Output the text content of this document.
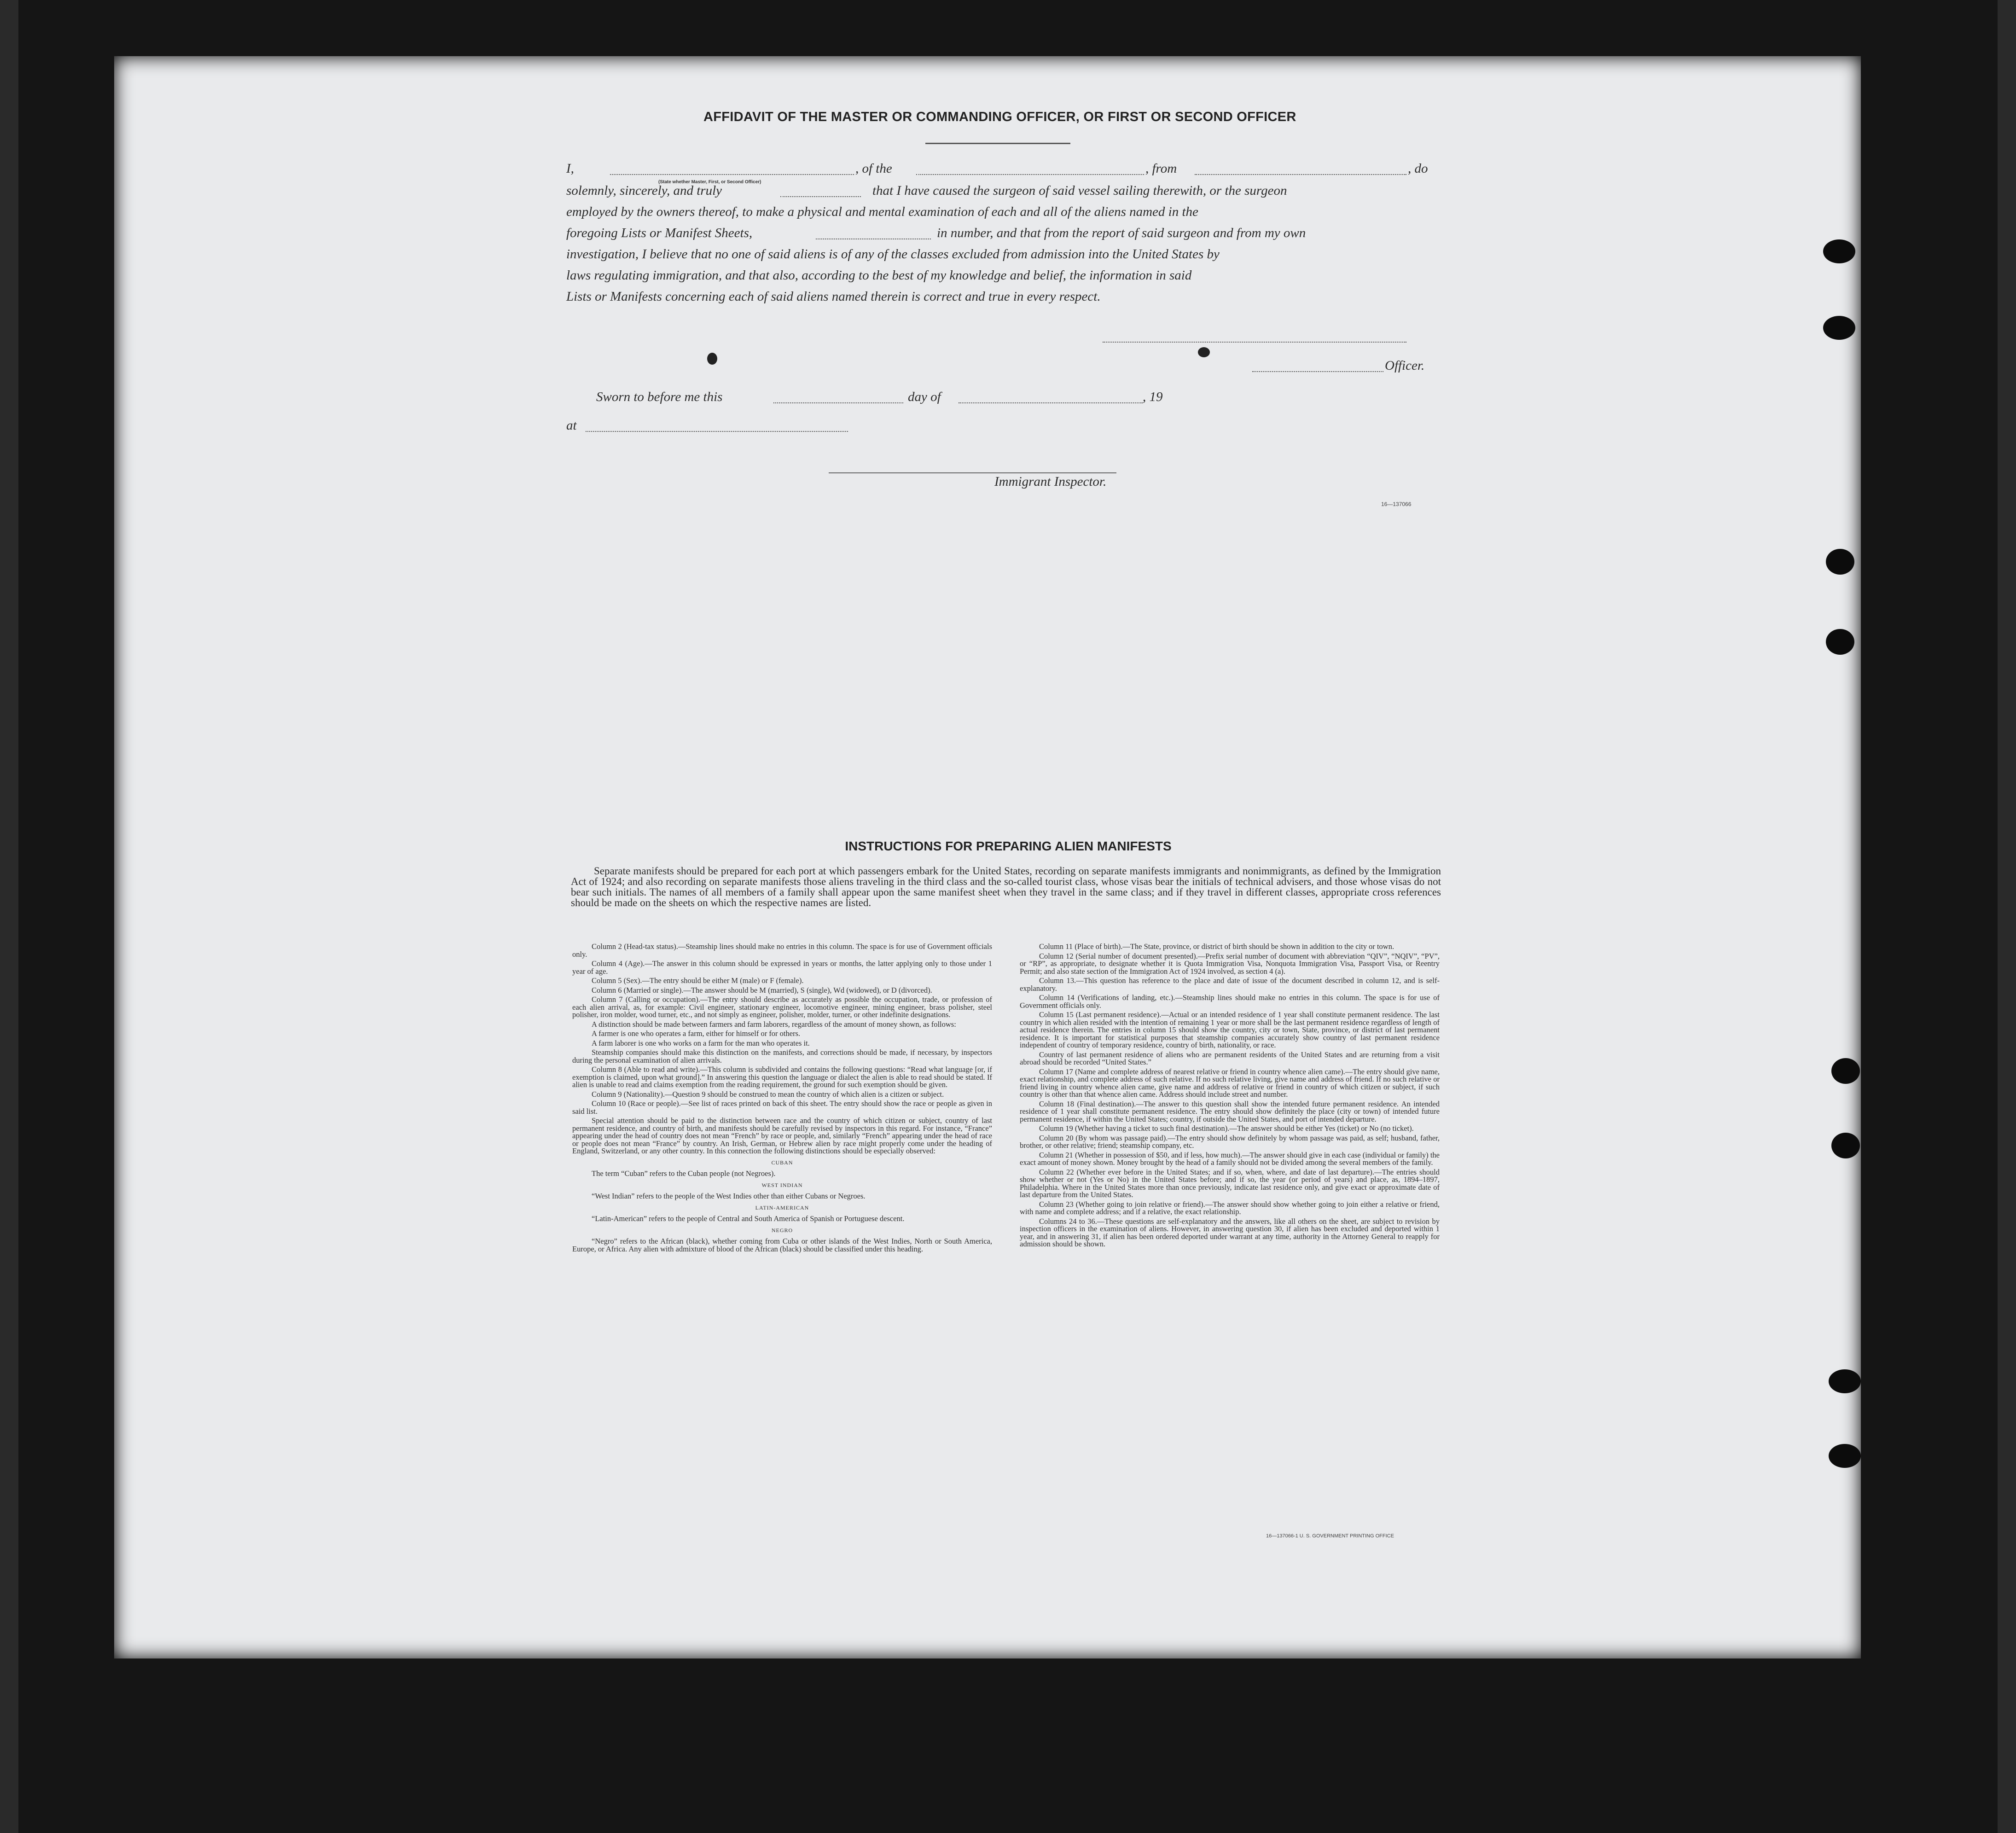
AFFIDAVIT OF THE MASTER OR COMMANDING OFFICER, OR FIRST OR SECOND OFFICER
I,	, of the	, from	, do
(State whether Master, First, or Second Officer)
solemnly, sincerely, and truly	that I have caused the surgeon of said vessel sailing therewith, or the surgeon
employed by the owners thereof, to make a physical and mental examination of each and all of the aliens named in the
foregoing Lists or Manifest Sheets,	in number, and that from the report of said surgeon and from my own
investigation, I believe that no one of said aliens is of any of the classes excluded from admission into the United States by
laws regulating immigration, and that also, according to the best of my knowledge and belief, the information in said
Lists or Manifests concerning each of said aliens named therein is correct and true in every respect.
Officer.
Sworn to before me this	day of	, 19
at
Immigrant Inspector.
16—137066
INSTRUCTIONS FOR PREPARING ALIEN MANIFESTS
Separate manifests should be prepared for each port at which passengers embark for the United States, recording on separate manifests immigrants and nonimmigrants, as defined by the Immigration Act of 1924; and also recording on separate manifests those aliens traveling in the third class and the so-called tourist class, whose visas bear the initials of technical advisers, and those whose visas do not bear such initials. The names of all members of a family shall appear upon the same manifest sheet when they travel in the same class; and if they travel in different classes, appropriate cross references should be made on the sheets on which the respective names are listed.

Column 2 (Head-tax status).—Steamship lines should make no entries in this column. The space is for use of Government officials only.

Column 4 (Age).—The answer in this column should be expressed in years or months, the latter applying only to those under 1 year of age.

Column 5 (Sex).—The entry should be either M (male) or F (female).

Column 6 (Married or single).—The answer should be M (married), S (single), Wd (widowed), or D (divorced).

Column 7 (Calling or occupation).—The entry should describe as accurately as possible the occupation, trade, or profession of each alien arrival, as, for example: Civil engineer, stationary engineer, locomotive engineer, mining engineer, brass polisher, steel polisher, iron molder, wood turner, etc., and not simply as engineer, polisher, molder, turner, or other indefinite designations.

A distinction should be made between farmers and farm laborers, regardless of the amount of money shown, as follows:

A farmer is one who operates a farm, either for himself or for others.

A farm laborer is one who works on a farm for the man who operates it.

Steamship companies should make this distinction on the manifests, and corrections should be made, if necessary, by inspectors during the personal examination of alien arrivals.

Column 8 (Able to read and write).—This column is subdivided and contains the following questions: “Read what language [or, if exemption is claimed, upon what ground].” In answering this question the language or dialect the alien is able to read should be stated. If alien is unable to read and claims exemption from the reading requirement, the ground for such exemption should be given.

Column 9 (Nationality).—Question 9 should be construed to mean the country of which alien is a citizen or subject.

Column 10 (Race or people).—See list of races printed on back of this sheet. The entry should show the race or people as given in said list.

Special attention should be paid to the distinction between race and the country of which citizen or subject, country of last permanent residence, and country of birth, and manifests should be carefully revised by inspectors in this regard. For instance, “France” appearing under the head of country does not mean “French” by race or people, and, similarly “French” appearing under the head of race or people does not mean “France” by country. An Irish, German, or Hebrew alien by race might properly come under the heading of England, Switzerland, or any other country. In this connection the following distinctions should be especially observed:

CUBAN

The term “Cuban” refers to the Cuban people (not Negroes).

WEST INDIAN

“West Indian” refers to the people of the West Indies other than either Cubans or Negroes.

LATIN-AMERICAN

“Latin-American” refers to the people of Central and South America of Spanish or Portuguese descent.

NEGRO

“Negro” refers to the African (black), whether coming from Cuba or other islands of the West Indies, North or South America, Europe, or Africa. Any alien with admixture of blood of the African (black) should be classified under this heading.

Column 11 (Place of birth).—The State, province, or district of birth should be shown in addition to the city or town.

Column 12 (Serial number of document presented).—Prefix serial number of document with abbreviation “QIV”, “NQIV”, “PV”, or “RP”, as appropriate, to designate whether it is Quota Immigration Visa, Nonquota Immigration Visa, Passport Visa, or Reentry Permit; and also state section of the Immigration Act of 1924 involved, as section 4 (a).

Column 13.—This question has reference to the place and date of issue of the document described in column 12, and is self-explanatory.

Column 14 (Verifications of landing, etc.).—Steamship lines should make no entries in this column. The space is for use of Government officials only.

Column 15 (Last permanent residence).—Actual or an intended residence of 1 year shall constitute permanent residence. The last country in which alien resided with the intention of remaining 1 year or more shall be the last permanent residence regardless of length of actual residence therein. The entries in column 15 should show the country, city or town, State, province, or district of last permanent residence. It is important for statistical purposes that steamship companies accurately show country of last permanent residence independent of country of temporary residence, country of birth, nationality, or race.

Country of last permanent residence of aliens who are permanent residents of the United States and are returning from a visit abroad should be recorded “United States.”

Column 17 (Name and complete address of nearest relative or friend in country whence alien came).—The entry should give name, exact relationship, and complete address of such relative. If no such relative living, give name and address of friend. If no such relative or friend living in country whence alien came, give name and address of relative or friend in country of which citizen or subject, if such country is other than that whence alien came. Address should include street and number.

Column 18 (Final destination).—The answer to this question shall show the intended future permanent residence. An intended residence of 1 year shall constitute permanent residence. The entry should show definitely the place (city or town) of intended future permanent residence, if within the United States; country, if outside the United States, and port of intended departure.

Column 19 (Whether having a ticket to such final destination).—The answer should be either Yes (ticket) or No (no ticket).

Column 20 (By whom was passage paid).—The entry should show definitely by whom passage was paid, as self; husband, father, brother, or other relative; friend; steamship company, etc.

Column 21 (Whether in possession of $50, and if less, how much).—The answer should give in each case (individual or family) the exact amount of money shown. Money brought by the head of a family should not be divided among the several members of the family.

Column 22 (Whether ever before in the United States; and if so, when, where, and date of last departure).—The entries should show whether or not (Yes or No) in the United States before; and if so, the year (or period of years) and place, as, 1894–1897, Philadelphia. Where in the United States more than once previously, indicate last residence only, and give exact or approximate date of last departure from the United States.

Column 23 (Whether going to join relative or friend).—The answer should show whether going to join either a relative or friend, with name and complete address; and if a relative, the exact relationship.

Columns 24 to 36.—These questions are self-explanatory and the answers, like all others on the sheet, are subject to revision by inspection officers in the examination of aliens. However, in answering question 30, if alien has been excluded and deported within 1 year, and in answering 31, if alien has been ordered deported under warrant at any time, authority in the Attorney General to reapply for admission should be shown.

16—137066-1 U. S. GOVERNMENT PRINTING OFFICE
